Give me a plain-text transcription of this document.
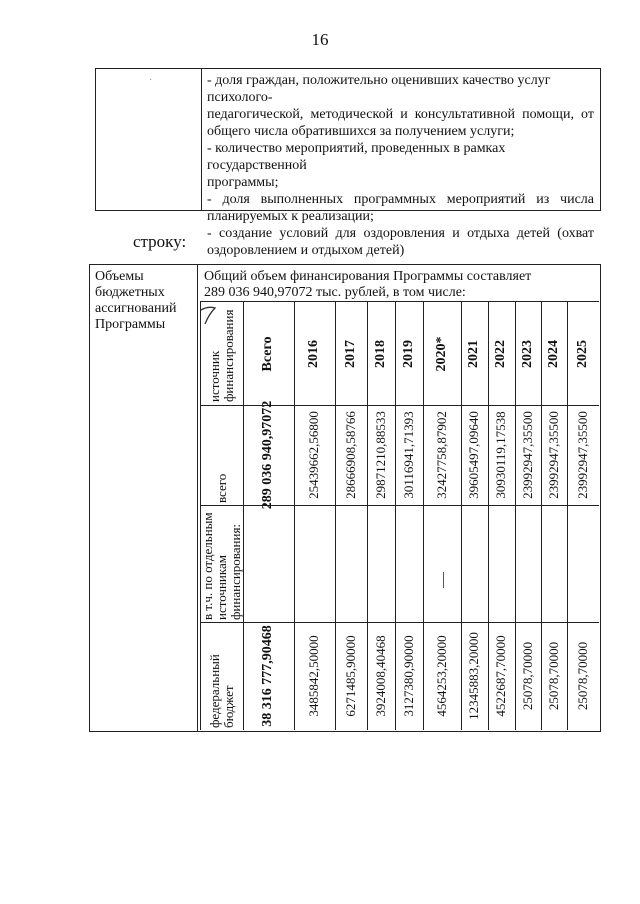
16
·	- доля граждан, положительно оценивших качество услуг психолого-

педагогической, методической и консультативной помощи, от

общего числа обратившихся за получением услуги;

- количество мероприятий, проведенных в рамках государственной

программы;

- доля выполненных программных мероприятий из числа

планируемых к реализации;

- создание условий для оздоровления и отдыха детей (охват

оздоровлением и отдыхом детей)

строку:
Объемы
бюджетных
ассигнований
Программы
Общий объем финансирования Программы составляет
289 036 940,97072 тыс. рублей, в том числе:
источник финансирования
всего
в т.ч. по отдельным источникам финансирования:
федеральный бюджет
Всего
289 036 940,97072
38 316 777,90468
2016
25439662,56800
3485842,50000
2017
28666908,58766
6271485,90000
2018
29871210,88533
3924008,40468
2019
30116941,71393
3127380,90000
2020*
32427758,87902
4564253,20000
2021
39605497,09640
12345883,20000
2022
30930119,17538
4522687,70000
2023
23992947,35500
25078,70000
2024
23992947,35500
25078,70000
2025
23992947,35500
25078,70000
